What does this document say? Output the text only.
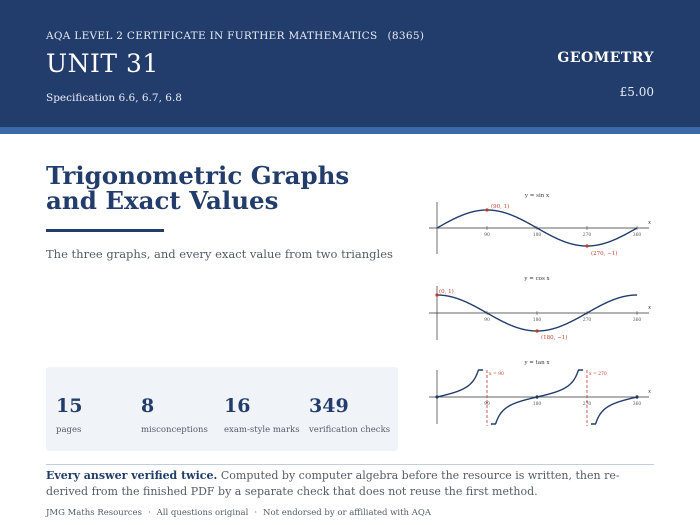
AQA LEVEL 2 CERTIFICATE IN FURTHER MATHEMATICS (8365)
UNIT 31
Specification 6.6, 6.7, 6.8
GEOMETRY
£5.00
Trigonometric Graphs and Exact Values
The three graphs, and every exact value from two triangles
y = sin x
x
(90, 1)
(270, −1)
90	180	270	360
y = cos x
x
(0, 1)
(180, −1)
90	180	270	360
y = tan x
x
x = 90	x = 270
90	180	270	360
15
pages
8
misconceptions
16
exam-style marks
349
verification checks
Every answer verified twice. Computed by computer algebra before the resource is written, then re-derived from the finished PDF by a separate check that does not reuse the first method.
JMG Maths Resources · All questions original · Not endorsed by or affiliated with AQA
